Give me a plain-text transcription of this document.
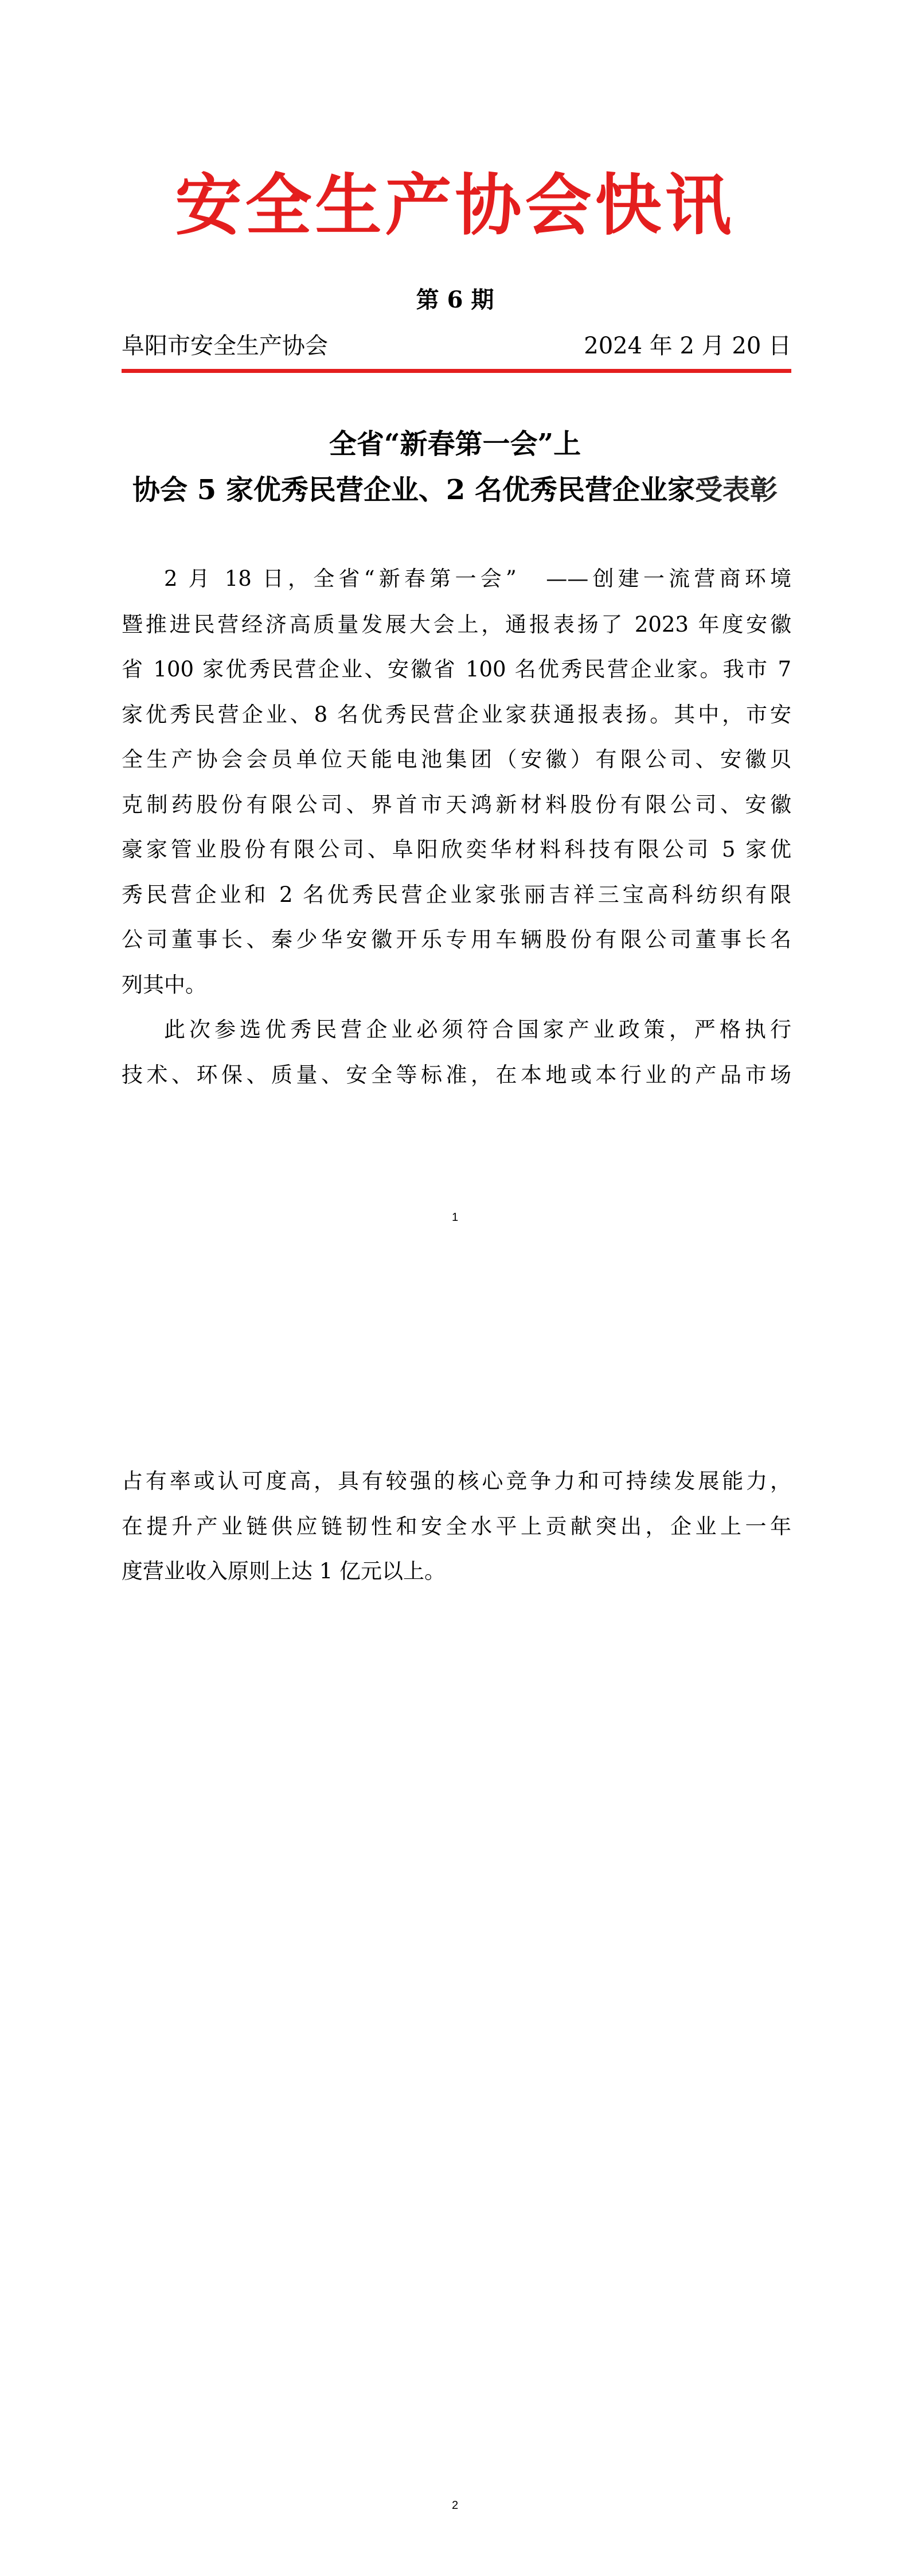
安全生产协会快讯
第 6 期
阜阳市安全生产协会	2024 年 2 月 20 日
全省“新春第一会”上
协会 5 家优秀民营企业、2 名优秀民营企业家受表彰
2 月 18 日，全省“新春第一会”　——创建一流营商环境
暨推进民营经济高质量发展大会上，通报表扬了 2023 年度安徽
省 100 家优秀民营企业、安徽省 100 名优秀民营企业家。我市 7
家优秀民营企业、8 名优秀民营企业家获通报表扬。其中，市安
全生产协会会员单位天能电池集团（安徽）有限公司、安徽贝
克制药股份有限公司、界首市天鸿新材料股份有限公司、安徽
豪家管业股份有限公司、阜阳欣奕华材料科技有限公司 5 家优
秀民营企业和 2 名优秀民营企业家张丽吉祥三宝高科纺织有限
公司董事长、秦少华安徽开乐专用车辆股份有限公司董事长名
列其中。
此次参选优秀民营企业必须符合国家产业政策，严格执行
技术、环保、质量、安全等标准，在本地或本行业的产品市场
1
占有率或认可度高，具有较强的核心竞争力和可持续发展能力，
在提升产业链供应链韧性和安全水平上贡献突出，企业上一年
度营业收入原则上达 1 亿元以上。
2
